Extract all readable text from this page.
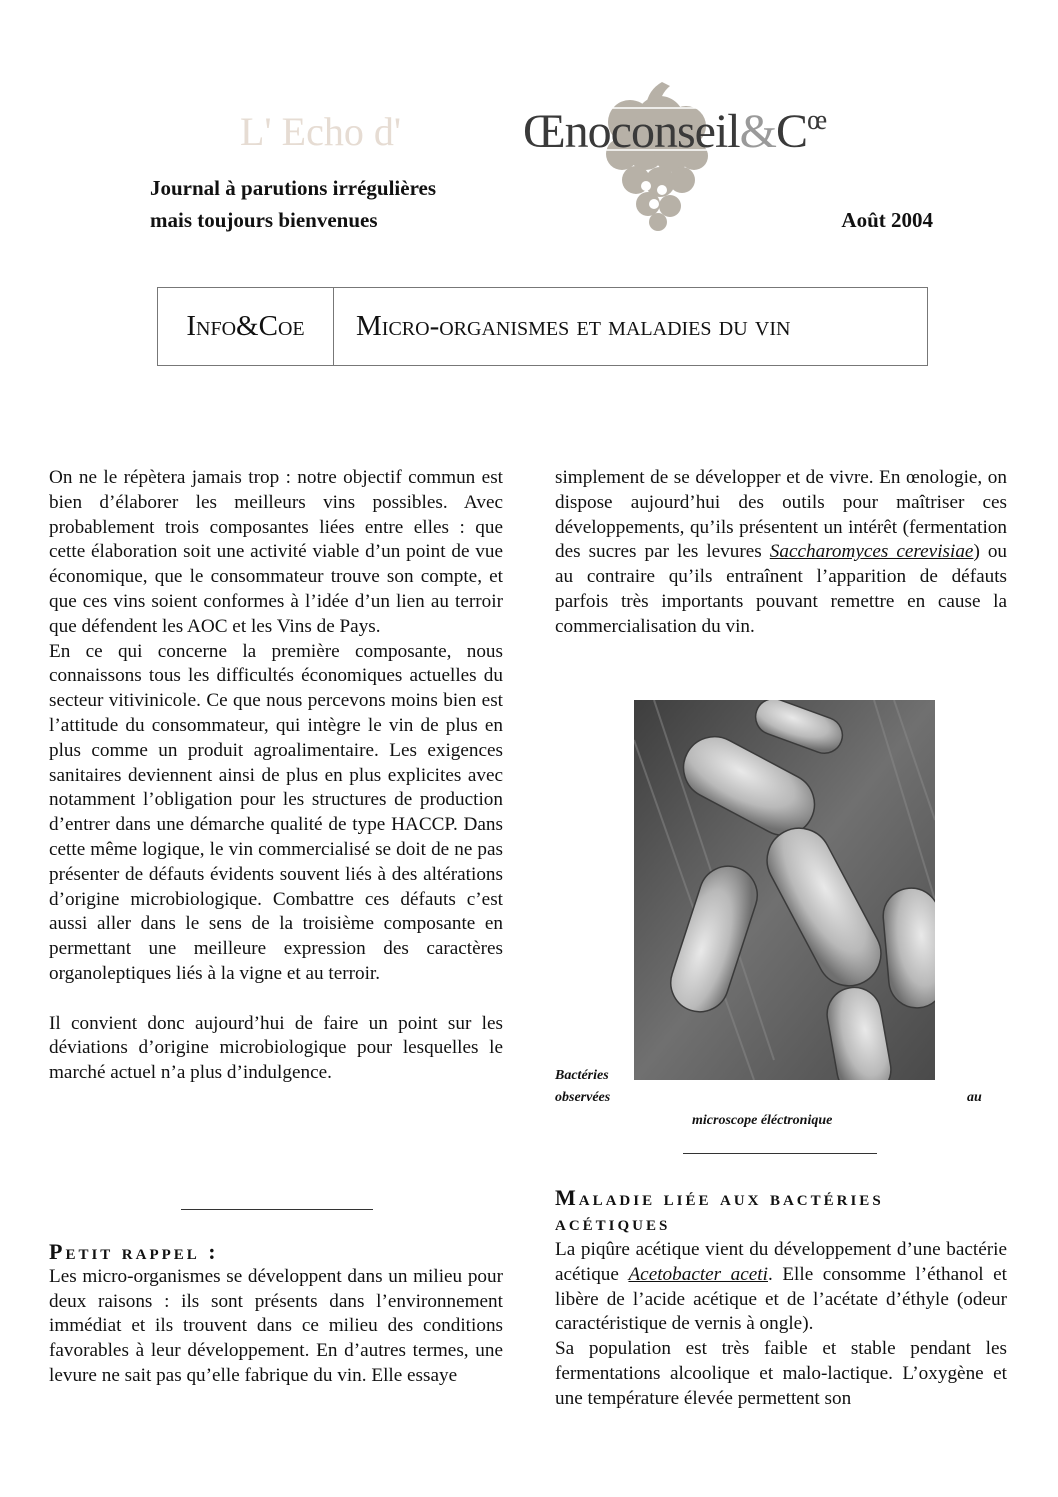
L' Echo d'	$Œnoconseil\&C^œ$
Journal à parutions irrégulières
mais toujours bienvenues	Août 2004
Info&Coe	Micro-organismes et maladies du vin

On ne le répètera jamais trop : notre objectif commun est bien d’élaborer les meilleurs vins possibles. Avec probablement trois composantes liées entre elles : que cette élaboration soit une activité viable d’un point de vue économique, que le consommateur trouve son compte, et que ces vins soient conformes à l’idée d’un lien au terroir que défendent les AOC et les Vins de Pays.

En ce qui concerne la première composante, nous connaissons tous les difficultés économiques actuelles du secteur vitivinicole. Ce que nous percevons moins bien est l’attitude du consommateur, qui intègre le vin de plus en plus comme un produit agroalimentaire. Les exigences sanitaires deviennent ainsi de plus en plus explicites avec notamment l’obligation pour les structures de production d’entrer dans une démarche qualité de type HACCP. Dans cette même logique, le vin commercialisé se doit de ne pas présenter de défauts évidents souvent liés à des altérations d’origine microbiologique. Combattre ces défauts c’est aussi aller dans le sens de la troisième composante en permettant une meilleure expression des caractères organoleptiques liés à la vigne et au terroir.

Il convient donc aujourd’hui de faire un point sur les déviations d’origine microbiologique pour lesquelles le marché actuel n’a plus d’indulgence.

Petit rappel :

Les micro-organismes se développent dans un milieu pour deux raisons : ils sont présents dans l’environnement immédiat et ils trouvent dans ce milieu des conditions favorables à leur développement. En d’autres termes, une levure ne sait pas qu’elle fabrique du vin. Elle essaye

simplement de se développer et de vivre. En œnologie, on dispose aujourd’hui des outils pour maîtriser ces développements, qu’ils présentent un intérêt (fermentation des sucres par les levures Saccharomyces cerevisiae) ou au contraire qu’ils entraînent l’apparition de défauts parfois très importants pouvant remettre en cause la commercialisation du vin.

Bactéries
observées	au
microscope éléctronique

Maladie liée aux bactéries

acétiques

La piqûre acétique vient du développement d’une bactérie acétique Acetobacter aceti. Elle consomme l’éthanol et libère de l’acide acétique et de l’acétate d’éthyle (odeur caractéristique de vernis à ongle).

Sa population est très faible et stable pendant les fermentations alcoolique et malo-lactique. L’oxygène et une température élevée permettent son
